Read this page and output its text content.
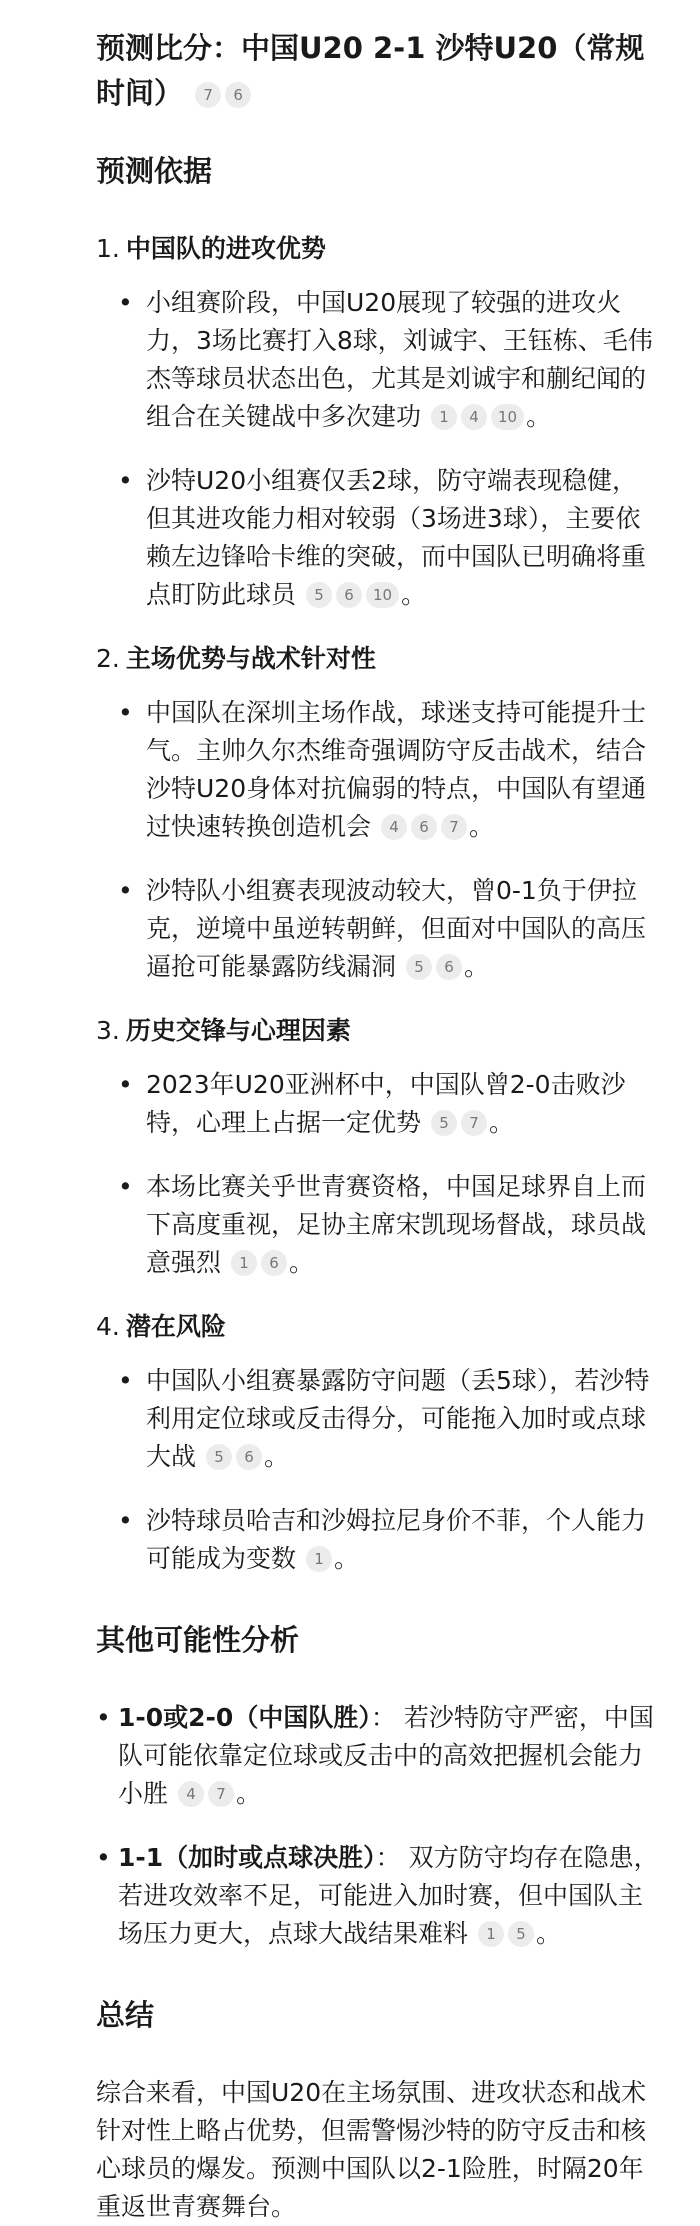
预测比分：中国U20 2-1 沙特U20（常规时间） 7 6
预测依据
1. 中国队的进攻优势
• 小组赛阶段，中国U20展现了较强的进攻火力，3场比赛打入8球，刘诚宇、王钰栋、毛伟杰等球员状态出色，尤其是刘诚宇和蒯纪闻的组合在关键战中多次建功 1 4 10 。
• 沙特U20小组赛仅丢2球，防守端表现稳健，但其进攻能力相对较弱（3场进3球），主要依赖左边锋哈卡维的突破，而中国队已明确将重点盯防此球员 5 6 10 。
2. 主场优势与战术针对性
• 中国队在深圳主场作战，球迷支持可能提升士气。主帅久尔杰维奇强调防守反击战术，结合沙特U20身体对抗偏弱的特点，中国队有望通过快速转换创造机会 4 6 7 。
• 沙特队小组赛表现波动较大，曾0-1负于伊拉克，逆境中虽逆转朝鲜，但面对中国队的高压逼抢可能暴露防线漏洞 5 6 。
3. 历史交锋与心理因素
• 2023年U20亚洲杯中，中国队曾2-0击败沙特，心理上占据一定优势 5 7 。
• 本场比赛关乎世青赛资格，中国足球界自上而下高度重视，足协主席宋凯现场督战，球员战意强烈 1 6 。
4. 潜在风险
• 中国队小组赛暴露防守问题（丢5球），若沙特利用定位球或反击得分，可能拖入加时或点球大战 5 6 。
• 沙特球员哈吉和沙姆拉尼身价不菲，个人能力可能成为变数 1 。
其他可能性分析
• 1-0或2-0（中国队胜）： 若沙特防守严密，中国队可能依靠定位球或反击中的高效把握机会能力小胜 4 7 。
• 1-1（加时或点球决胜）： 双方防守均存在隐患，若进攻效率不足，可能进入加时赛，但中国队主场压力更大，点球大战结果难料 1 5 。
总结
综合来看，中国U20在主场氛围、进攻状态和战术针对性上略占优势，但需警惕沙特的防守反击和核心球员的爆发。预测中国队以2-1险胜，时隔20年重返世青赛舞台。
